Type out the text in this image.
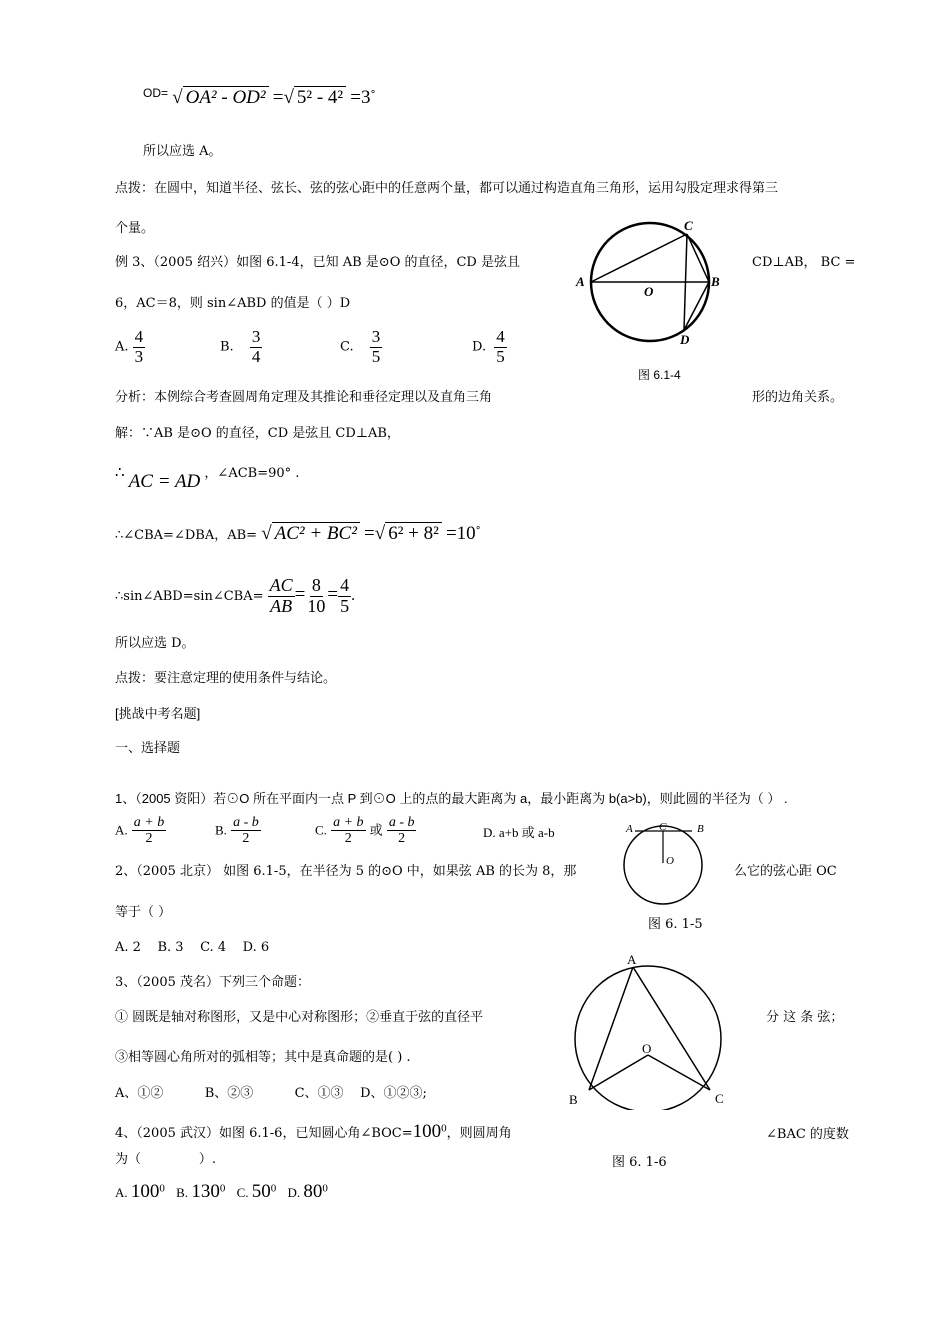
OD= √ OA² - OD² =√ 5² - 4² =3°
所以应选 A。
点拨：在圆中，知道半径、弦长、弦的弦心距中的任意两个量，都可以通过构造直角三角形，运用勾股定理求得第三
个量。
例 3、（2005 绍兴）如图 6.1-4，已知 AB 是⊙O 的直径，CD 是弦且	CD⊥AB， BC =
6，AC＝8，则 sin∠ABD 的值是（ ）D
A. $\frac{4}{3}$	B. $\frac{3}{4}$	C. $\frac{3}{5}$	D. $\frac{4}{5}$
A	B
C
D
O
图 6.1-4
分析：本例综合考查圆周角定理及其推论和垂径定理以及直角三角	形的边角关系。
解：∵AB 是⊙O 的直径，CD 是弦且 CD⊥AB，
∴ AC = AD ，∠ACB=90° .
∴∠CBA=∠DBA，AB= √ AC² + BC² =√ 6² + 8² =10°
∴sin∠ABD=sin∠CBA= $\frac{AC}{AB} = \frac{8}{10} = \frac{4}{5}$ .
所以应选 D。
点拨：要注意定理的使用条件与结论。
[挑战中考名题]
一、选择题
1、（2005 资阳）若⊙O 所在平面内一点 P 到⊙O 上的点的最大距离为 a，最小距离为 b(a>b)，则此圆的半径为（ ） .
A. $\frac{a + b}{2}$	B. $\frac{a - b}{2}$	C. $\frac{a + b}{2}$ 或 $\frac{a - b}{2}$	D. a+b 或 a-b	A C	B
O
图 6. 1-5
2、（2005 北京） 如图 6.1-5，在半径为 5 的⊙O 中，如果弦 AB 的长为 8，那	么它的弦心距 OC
等于（ ）
A. 2    B. 3    C. 4    D. 6
3、（2005 茂名）下列三个命题：
① 圆既是轴对称图形，又是中心对称图形；②垂直于弦的直径平	分 这 条 弦；
③相等圆心角所对的弧相等；其中是真命题的是( ) .
A、①②          B、②③          C、①③    D、①②③;
A
B	C
O
图 6. 1-6
4、（2005 武汉）如图 6.1-6，已知圆心角$\angle BOC=100^0$，则圆周角	∠BAC 的度数
为（              ）.
A. $100^0$ B. $130^0$ C. $50^0$ D. $80^0$
